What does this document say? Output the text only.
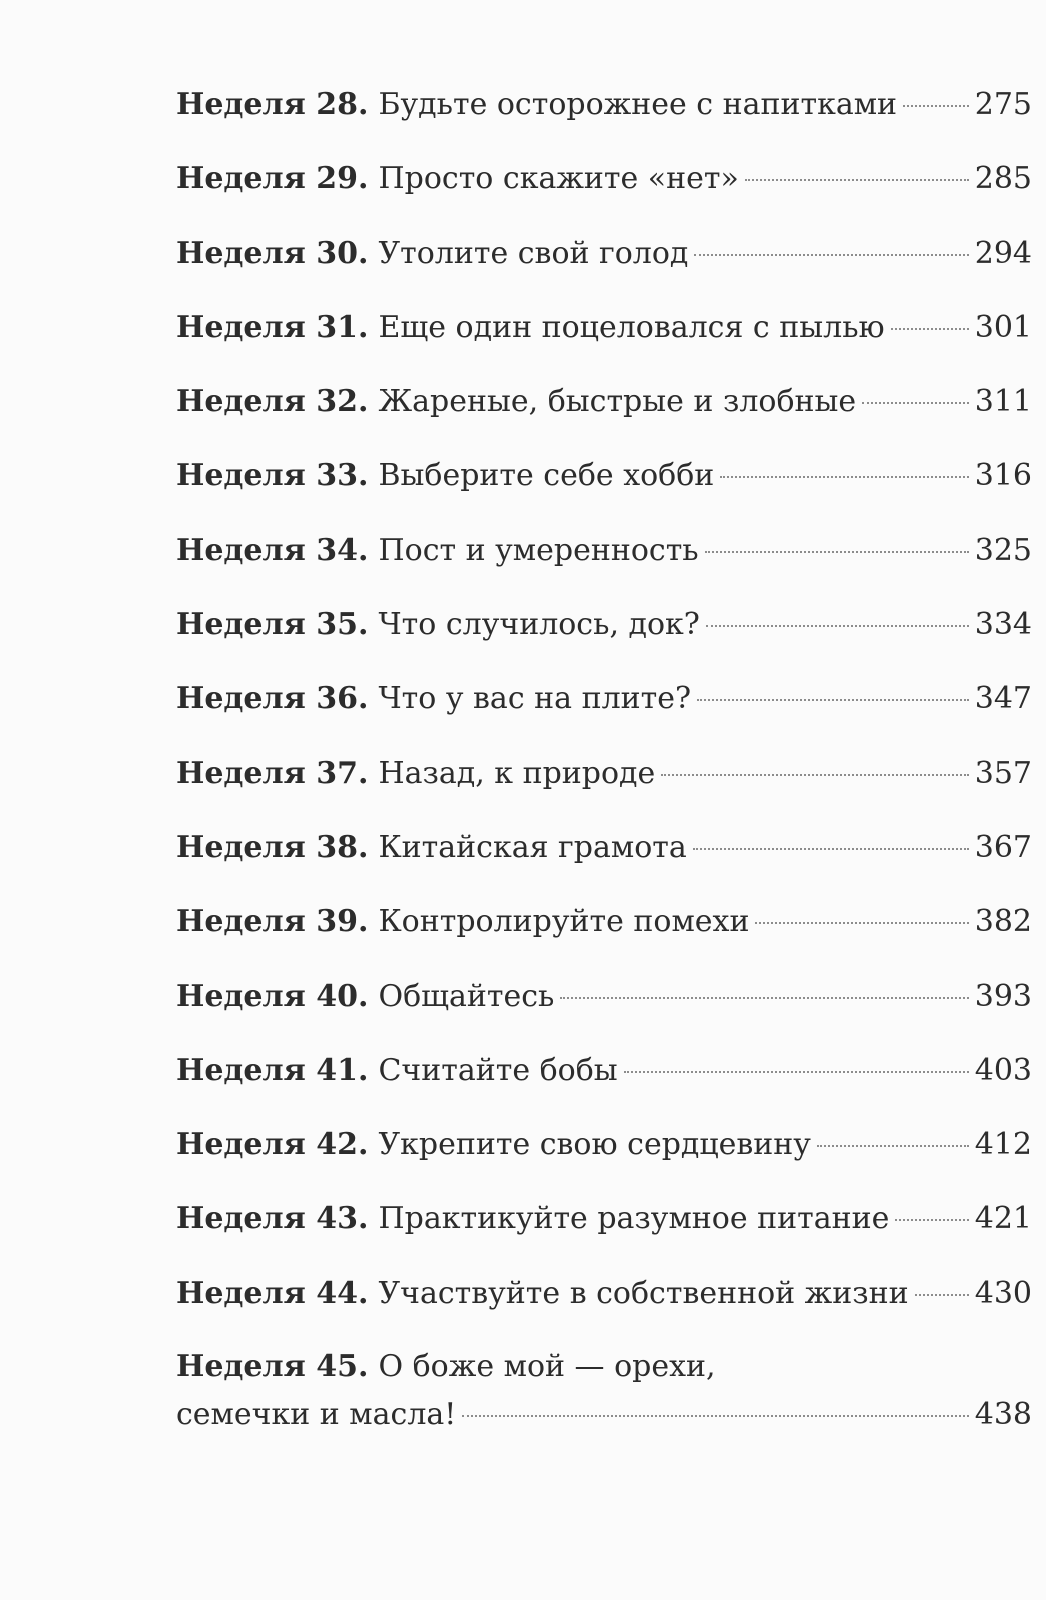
Неделя 28. Будьте осторожнее с напитками	275
Неделя 29. Просто скажите «нет»	285
Неделя 30. Утолите свой голод	294
Неделя 31. Еще один поцеловался с пылью	301
Неделя 32. Жареные, быстрые и злобные	311
Неделя 33. Выберите себе хобби	316
Неделя 34. Пост и умеренность	325
Неделя 35. Что случилось, док?	334
Неделя 36. Что у вас на плите?	347
Неделя 37. Назад, к природе	357
Неделя 38. Китайская грамота	367
Неделя 39. Контролируйте помехи	382
Неделя 40. Общайтесь	393
Неделя 41. Считайте бобы	403
Неделя 42. Укрепите свою сердцевину	412
Неделя 43. Практикуйте разумное питание	421
Неделя 44. Участвуйте в собственной жизни 430
Неделя 45. О боже мой — орехи,
семечки и масла!	438
